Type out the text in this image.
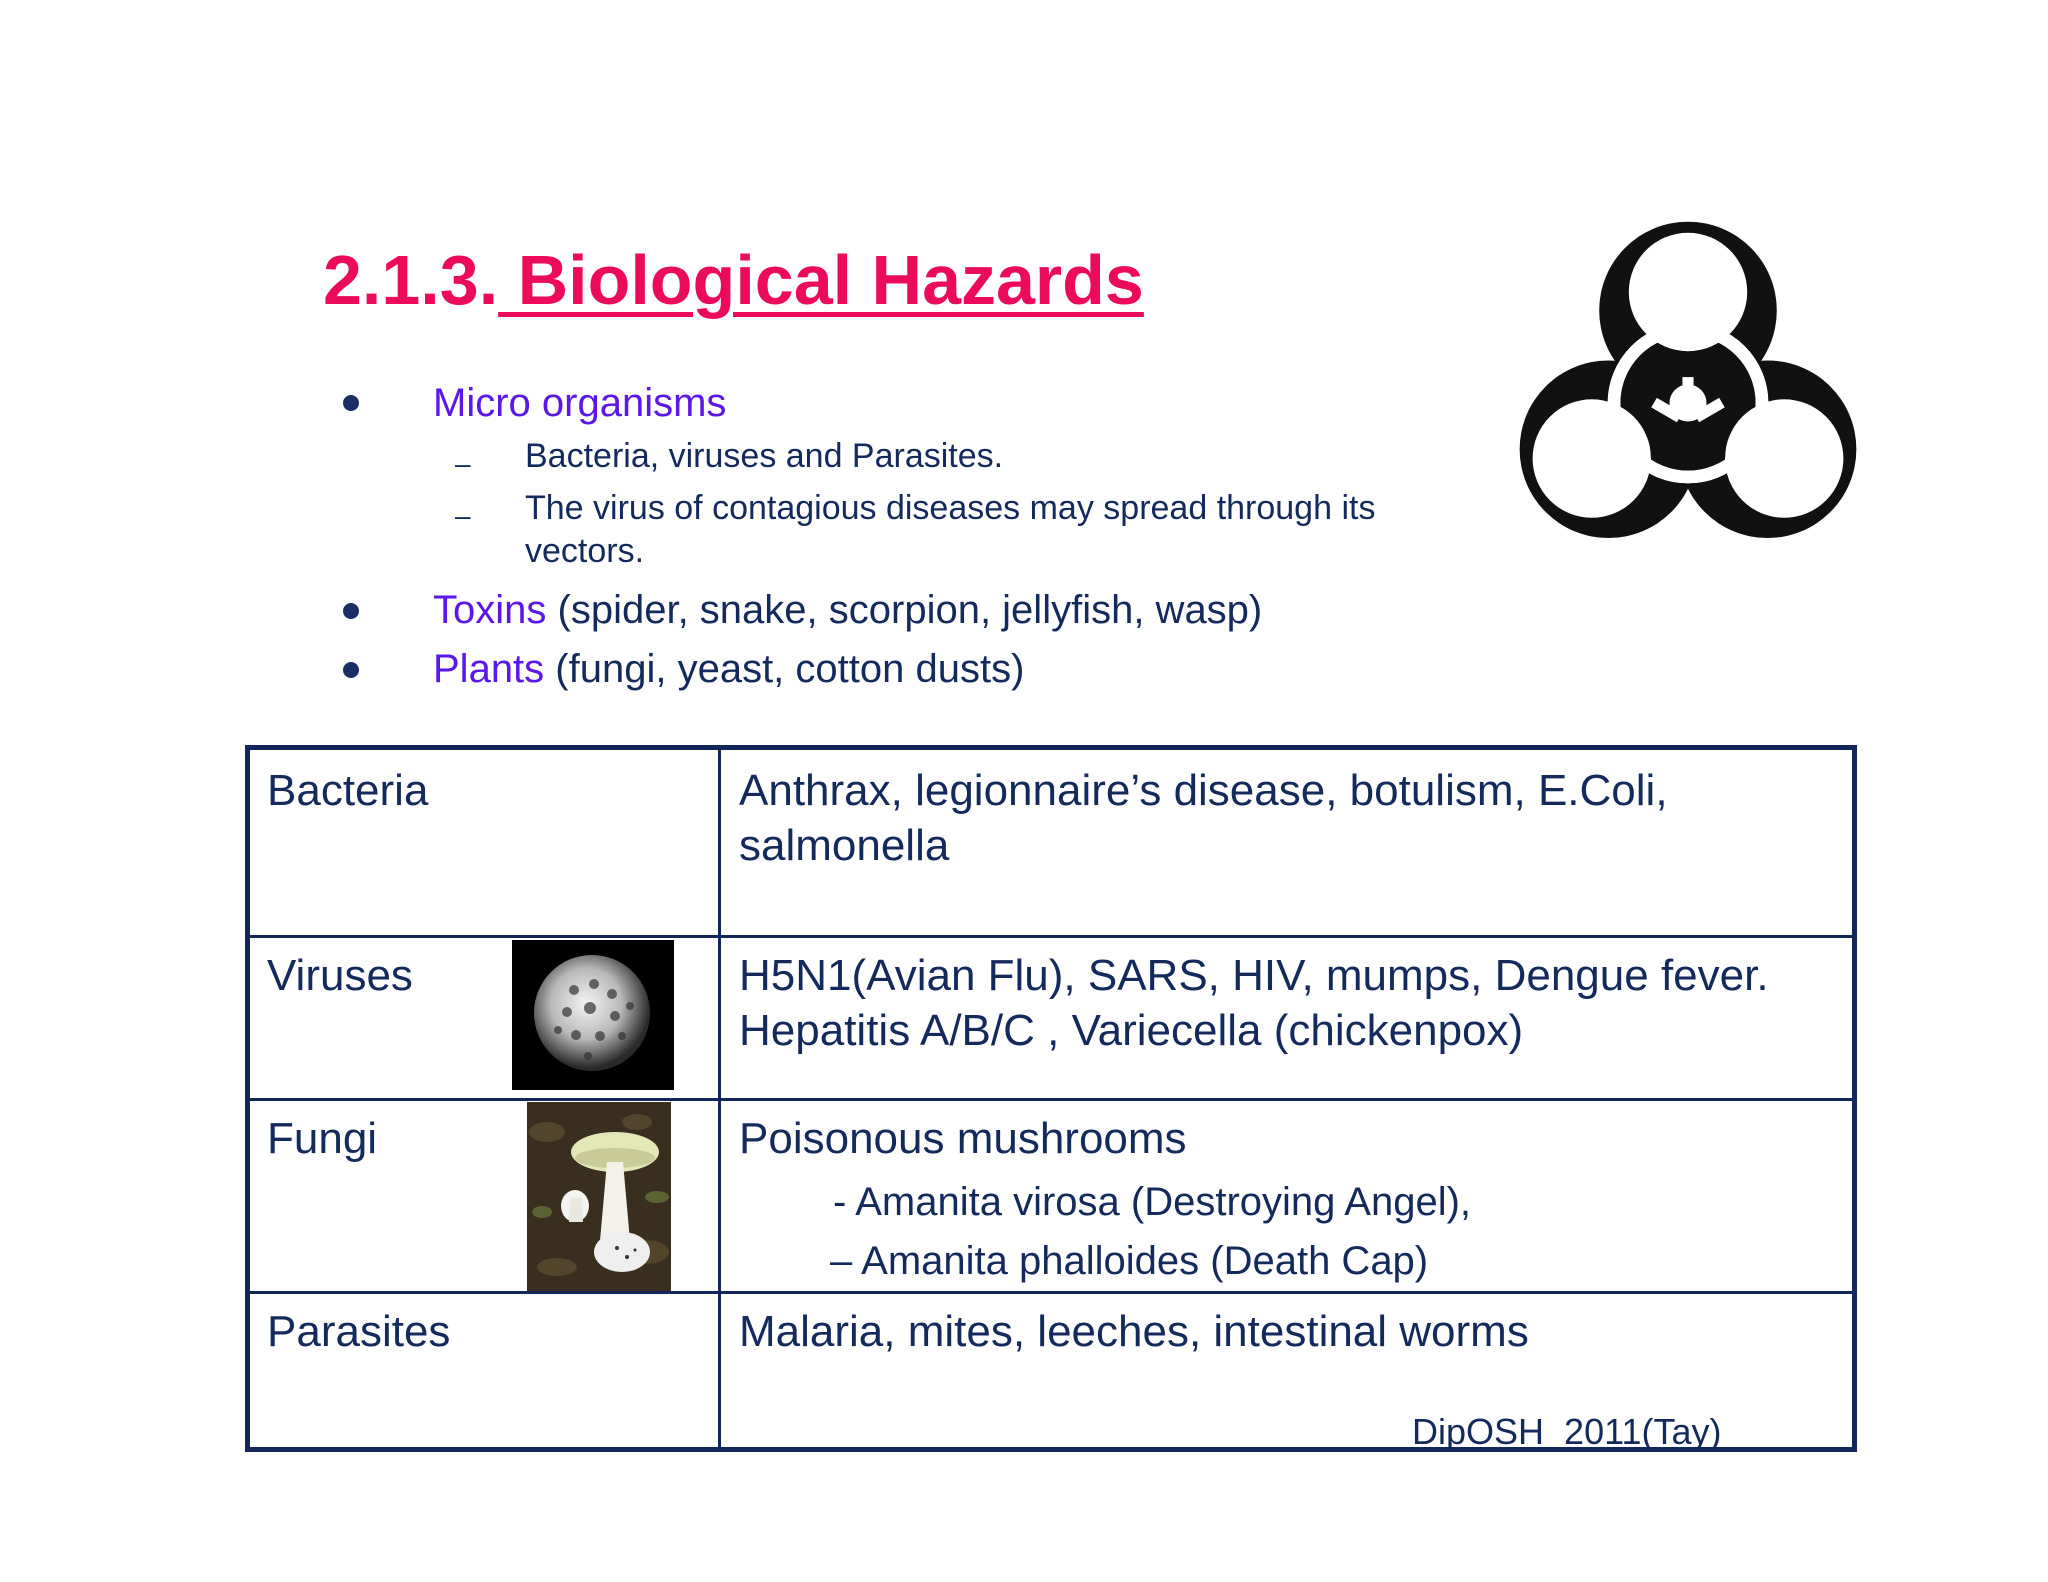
2.1.3. Biological Hazards
Micro organisms
– Bacteria, viruses and Parasites.
– The virus of contagious diseases may spread through its vectors.
Toxins (spider, snake, scorpion, jellyfish, wasp)
Plants (fungi, yeast, cotton dusts)
Bacteria	Anthrax, legionnaire’s disease, botulism, E.Coli,
salmonella
Viruses	H5N1(Avian Flu), SARS, HIV, mumps, Dengue fever.
Hepatitis A/B/C , Variecella (chickenpox)
Fungi	Poisonous mushrooms
- Amanita virosa (Destroying Angel),
– Amanita phalloides (Death Cap)
Parasites	Malaria, mites, leeches, intestinal worms
DipOSH_2011(Tay)
